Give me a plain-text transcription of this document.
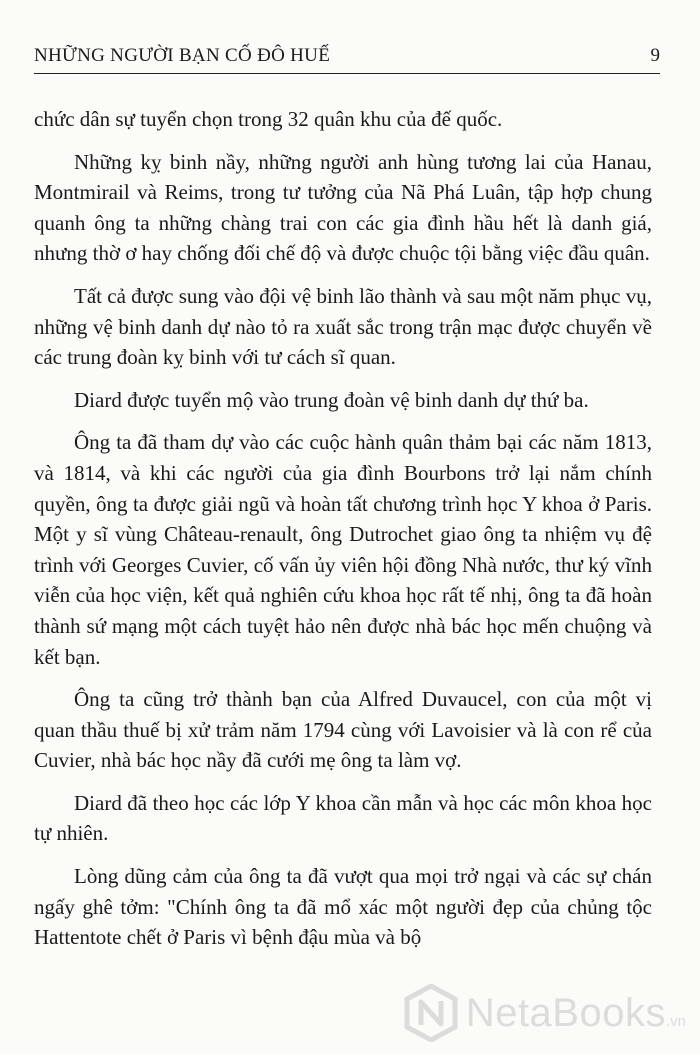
NHỮNG NGƯỜI BẠN CỐ ĐÔ HUẾ	9

chức dân sự tuyển chọn trong 32 quân khu của đế quốc.

Những kỵ binh nầy, những người anh hùng tương lai của Hanau, Montmirail và Reims, trong tư tưởng của Nã Phá Luân, tập hợp chung quanh ông ta những chàng trai con các gia đình hầu hết là danh giá, nhưng thờ ơ hay chống đối chế độ và được chuộc tội bằng việc đầu quân.

Tất cả được sung vào đội vệ binh lão thành và sau một năm phục vụ, những vệ binh danh dự nào tỏ ra xuất sắc trong trận mạc được chuyển về các trung đoàn kỵ binh với tư cách sĩ quan.

Diard được tuyển mộ vào trung đoàn vệ binh danh dự thứ ba.

Ông ta đã tham dự vào các cuộc hành quân thảm bại các năm 1813, và 1814, và khi các người của gia đình Bourbons trở lại nắm chính quyền, ông ta được giải ngũ và hoàn tất chương trình học Y khoa ở Paris. Một y sĩ vùng Château-renault, ông Dutrochet giao ông ta nhiệm vụ đệ trình với Georges Cuvier, cố vấn ủy viên hội đồng Nhà nước, thư ký vĩnh viễn của học viện, kết quả nghiên cứu khoa học rất tế nhị, ông ta đã hoàn thành sứ mạng một cách tuyệt hảo nên được nhà bác học mến chuộng và kết bạn.

Ông ta cũng trở thành bạn của Alfred Duvaucel, con của một vị quan thầu thuế bị xử trảm năm 1794 cùng với Lavoisier và là con rể của Cuvier, nhà bác học nầy đã cưới mẹ ông ta làm vợ.

Diard đã theo học các lớp Y khoa cần mẫn và học các môn khoa học tự nhiên.

Lòng dũng cảm của ông ta đã vượt qua mọi trở ngại và các sự chán ngấy ghê tởm: "Chính ông ta đã mổ xác một người đẹp của chủng tộc Hattentote chết ở Paris vì bệnh đậu mùa và bộ

NetaBooks .vn
